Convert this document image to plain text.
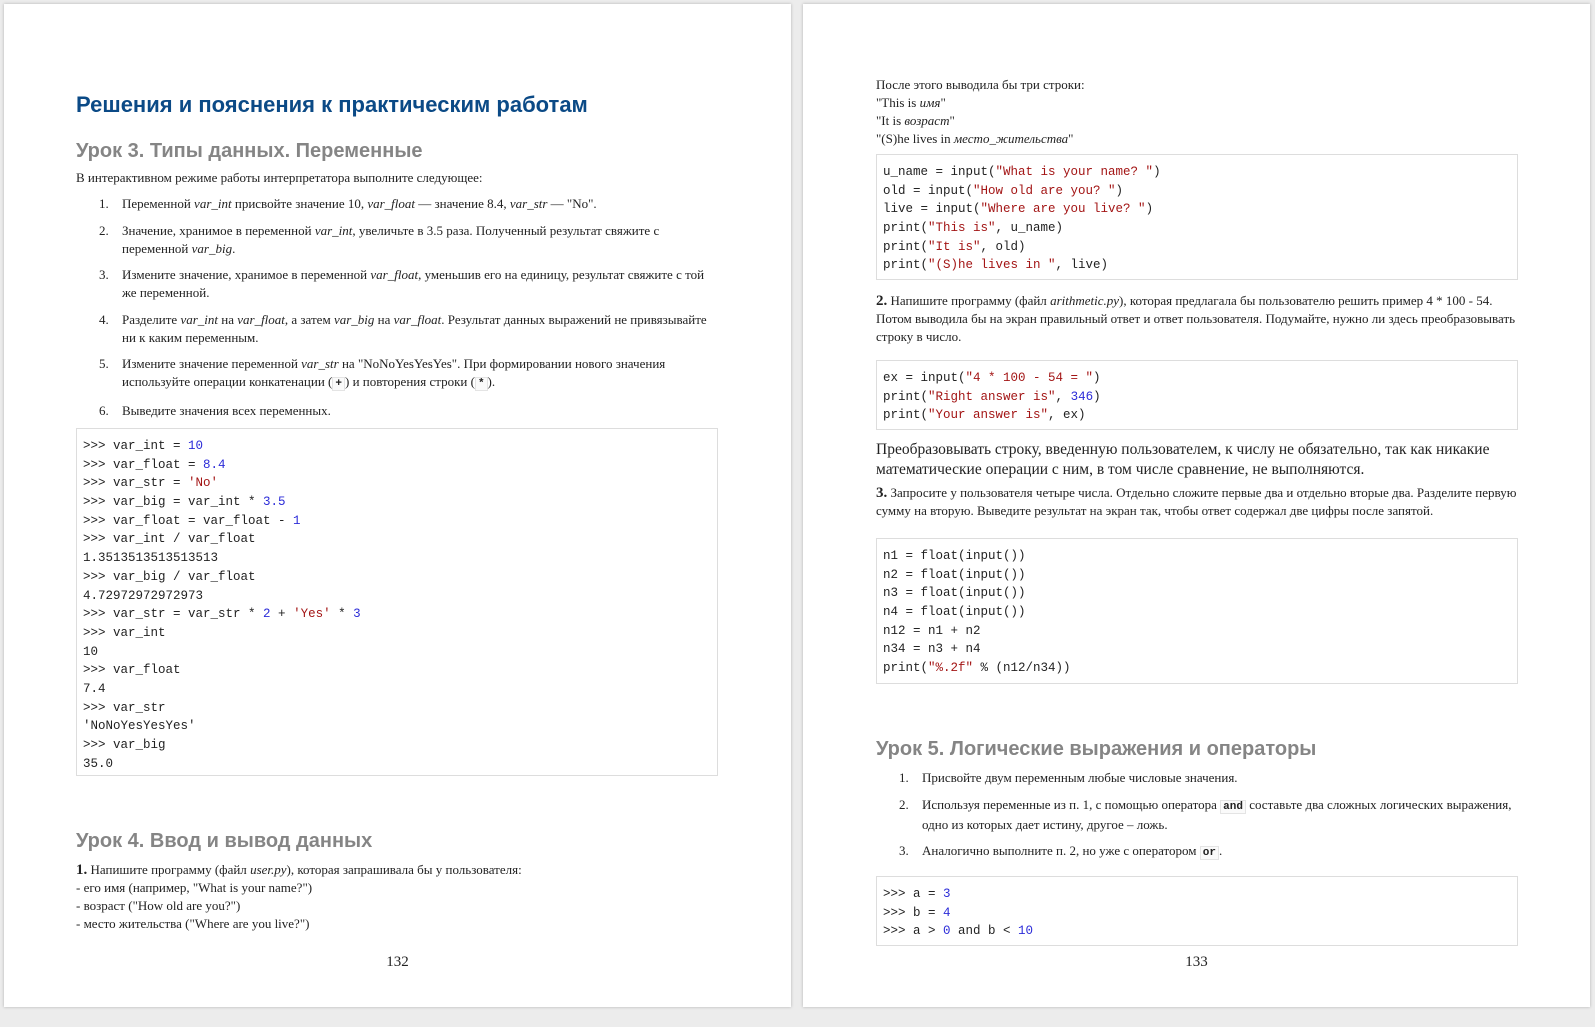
Решения и пояснения к практическим работам
Урок 3. Типы данных. Переменные
В интерактивном режиме работы интерпретатора выполните следующее:
1. Переменной var_int присвойте значение 10, var_float — значение 8.4, var_str — "No".
2. Значение, хранимое в переменной var_int, увеличьте в 3.5 раза. Полученный результат свяжите с переменной var_big.
3. Измените значение, хранимое в переменной var_float, уменьшив его на единицу, результат свяжите с той же переменной.
4. Разделите var_int на var_float, а затем var_big на var_float. Результат данных выражений не привязывайте ни к каким переменным.
5. Измените значение переменной var_str на "NoNoYesYesYes". При формировании нового значения используйте операции конкатенации ( + ) и повторения строки ( * ).
6. Выведите значения всех переменных.
>>> var_int = 10
>>> var_float = 8.4
>>> var_str = 'No'
>>> var_big = var_int * 3.5
>>> var_float = var_float - 1
>>> var_int / var_float
1.3513513513513513
>>> var_big / var_float
4.72972972972973
>>> var_str = var_str * 2 + 'Yes' * 3
>>> var_int
10
>>> var_float
7.4
>>> var_str
'NoNoYesYesYes'
>>> var_big
35.0
Урок 4. Ввод и вывод данных
1. Напишите программу (файл user.py), которая запрашивала бы у пользователя:
- его имя (например, "What is your name?")
- возраст ("How old are you?")
- место жительства ("Where are you live?")
132
После этого выводила бы три строки:
"This is имя"
"It is возраст"
"(S)he lives in место_жительства"
u_name = input("What is your name? ")
old = input("How old are you? ")
live = input("Where are you live? ")
print("This is", u_name)
print("It is", old)
print("(S)he lives in ", live)
2. Напишите программу (файл arithmetic.py), которая предлагала бы пользователю решить пример 4 * 100 - 54. Потом выводила бы на экран правильный ответ и ответ пользователя. Подумайте, нужно ли здесь преобразовывать строку в число.
ex = input("4 * 100 - 54 = ")
print("Right answer is", 346)
print("Your answer is", ex)
Преобразовывать строку, введенную пользователем, к числу не обязательно, так как никакие математические операции с ним, в том числе сравнение, не выполняются.
3. Запросите у пользователя четыре числа. Отдельно сложите первые два и отдельно вторые два. Разделите первую сумму на вторую. Выведите результат на экран так, чтобы ответ содержал две цифры после запятой.
n1 = float(input())
n2 = float(input())
n3 = float(input())
n4 = float(input())
n12 = n1 + n2
n34 = n3 + n4
print("%.2f" % (n12/n34))
Урок 5. Логические выражения и операторы
1. Присвойте двум переменным любые числовые значения.
2. Используя переменные из п. 1, с помощью оператора and составьте два сложных логических выражения, одно из которых дает истину, другое – ложь.
3. Аналогично выполните п. 2, но уже с оператором or .
>>> a = 3
>>> b = 4
>>> a > 0 and b < 10
133
